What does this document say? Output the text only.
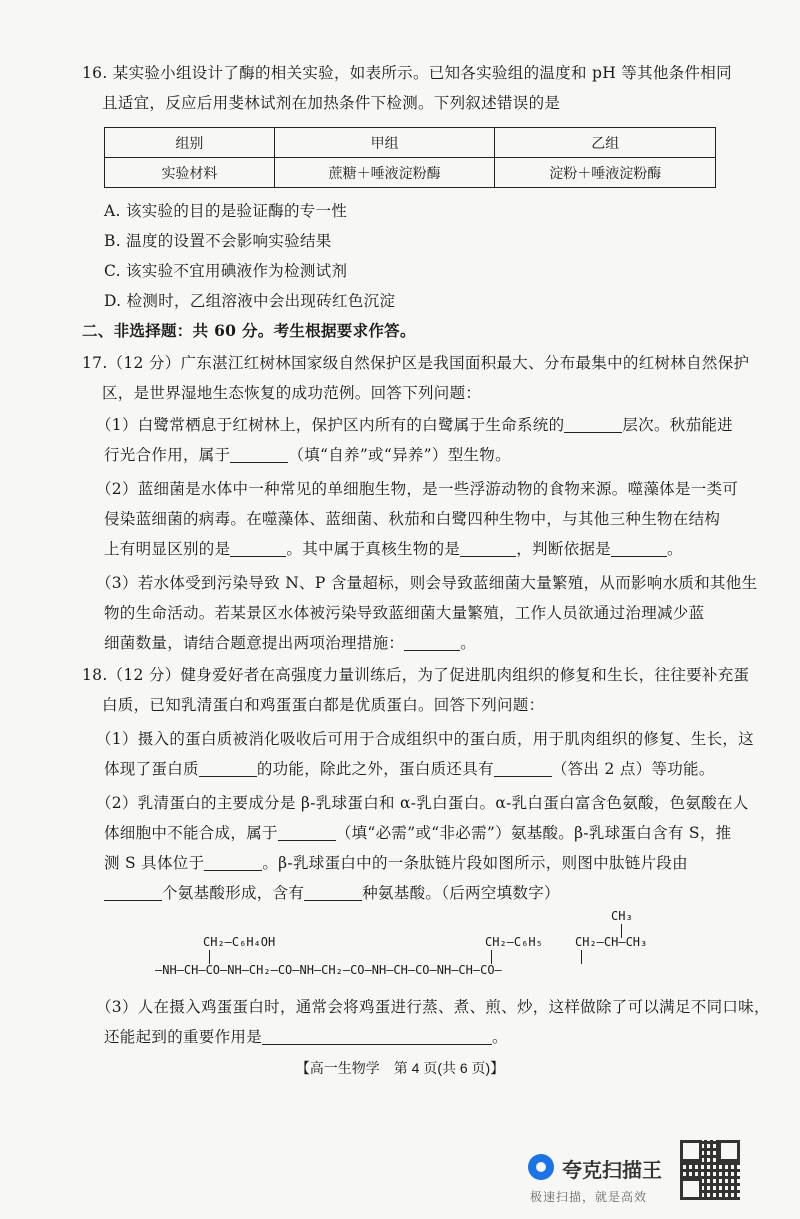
16. 某实验小组设计了酶的相关实验，如表所示。已知各实验组的温度和 pH 等其他条件相同
且适宜，反应后用斐林试剂在加热条件下检测。下列叙述错误的是
组别	甲组	乙组
实验材料	蔗糖＋唾液淀粉酶	淀粉＋唾液淀粉酶
A. 该实验的目的是验证酶的专一性
B. 温度的设置不会影响实验结果
C. 该实验不宜用碘液作为检测试剂
D. 检测时，乙组溶液中会出现砖红色沉淀
二、非选择题：共 60 分。考生根据要求作答。
17.（12 分）广东湛江红树林国家级自然保护区是我国面积最大、分布最集中的红树林自然保护
区，是世界湿地生态恢复的成功范例。回答下列问题：
（1）白鹭常栖息于红树林上，保护区内所有的白鹭属于生命系统的	层次。秋茄能进
行光合作用，属于	（填“自养”或“异养”）型生物。
（2）蓝细菌是水体中一种常见的单细胞生物，是一些浮游动物的食物来源。噬藻体是一类可
侵染蓝细菌的病毒。在噬藻体、蓝细菌、秋茄和白鹭四种生物中，与其他三种生物在结构
上有明显区别的是	。其中属于真核生物的是	，判断依据是	。
（3）若水体受到污染导致 N、P 含量超标，则会导致蓝细菌大量繁殖，从而影响水质和其他生
物的生命活动。若某景区水体被污染导致蓝细菌大量繁殖，工作人员欲通过治理减少蓝
细菌数量，请结合题意提出两项治理措施：	。
18.（12 分）健身爱好者在高强度力量训练后，为了促进肌肉组织的修复和生长，往往要补充蛋
白质，已知乳清蛋白和鸡蛋蛋白都是优质蛋白。回答下列问题：
（1）摄入的蛋白质被消化吸收后可用于合成组织中的蛋白质，用于肌肉组织的修复、生长，这
体现了蛋白质	的功能，除此之外，蛋白质还具有	（答出 2 点）等功能。
（2）乳清蛋白的主要成分是 β-乳球蛋白和 α-乳白蛋白。α-乳白蛋白富含色氨酸，色氨酸在人
体细胞中不能合成，属于	（填“必需”或“非必需”）氨基酸。β-乳球蛋白含有 S，推
测 S 具体位于	。β-乳球蛋白中的一条肽链片段如图所示，则图中肽链片段由
个氨基酸形成，含有	种氨基酸。（后两空填数字）
CH₃
CH₂—C₆H₄OH	CH₂—C₆H₅	CH₂—CH—CH₃
—NH—CH—CO—NH—CH₂—CO—NH—CH₂—CO—NH—CH—CO—NH—CH—CO—
（3）人在摄入鸡蛋蛋白时，通常会将鸡蛋进行蒸、煮、煎、炒，这样做除了可以满足不同口味，
还能起到的重要作用是	。
【高一生物学　第 4 页(共 6 页)】
夸克扫描王
极速扫描，就是高效
